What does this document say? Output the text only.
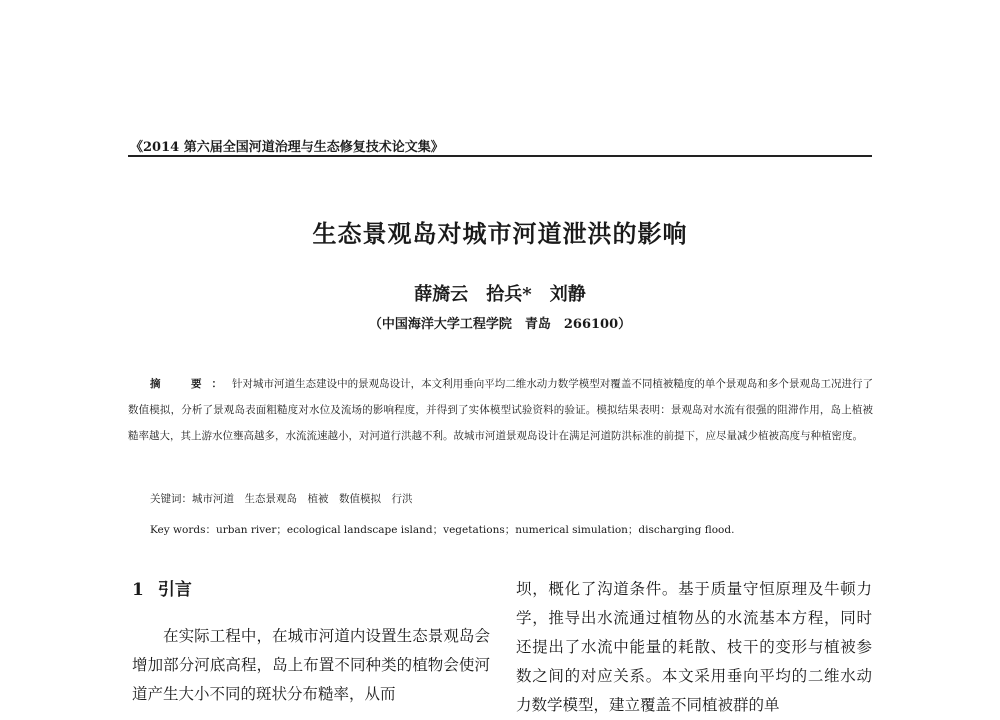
《2014 第六届全国河道治理与生态修复技术论文集》
生态景观岛对城市河道泄洪的影响
薛旖云　拾兵*　刘静
（中国海洋大学工程学院　青岛　266100）
摘　要：针对城市河道生态建设中的景观岛设计，本文利用垂向平均二维水动力数学模型对覆盖不同植被糙度的单个景观岛和多个景观岛工况进行了数值模拟，分析了景观岛表面粗糙度对水位及流场的影响程度，并得到了实体模型试验资料的验证。模拟结果表明：景观岛对水流有很强的阻滞作用，岛上植被糙率越大，其上游水位壅高越多，水流流速越小，对河道行洪越不利。故城市河道景观岛设计在满足河道防洪标准的前提下，应尽量减少植被高度与种植密度。
关键词：城市河道　生态景观岛　植被　数值模拟　行洪
Key words：urban river；ecological landscape island；vegetations；numerical simulation；discharging flood.
1 引言

在实际工程中，在城市河道内设置生态景观岛会增加部分河底高程，岛上布置不同种类的植物会使河道产生大小不同的斑状分布糙率，从而

坝，概化了沟道条件。基于质量守恒原理及牛顿力学，推导出水流通过植物丛的水流基本方程，同时还提出了水流中能量的耗散、枝干的变形与植被参数之间的对应关系。本文采用垂向平均的二维水动力数学模型，建立覆盖不同植被群的单
